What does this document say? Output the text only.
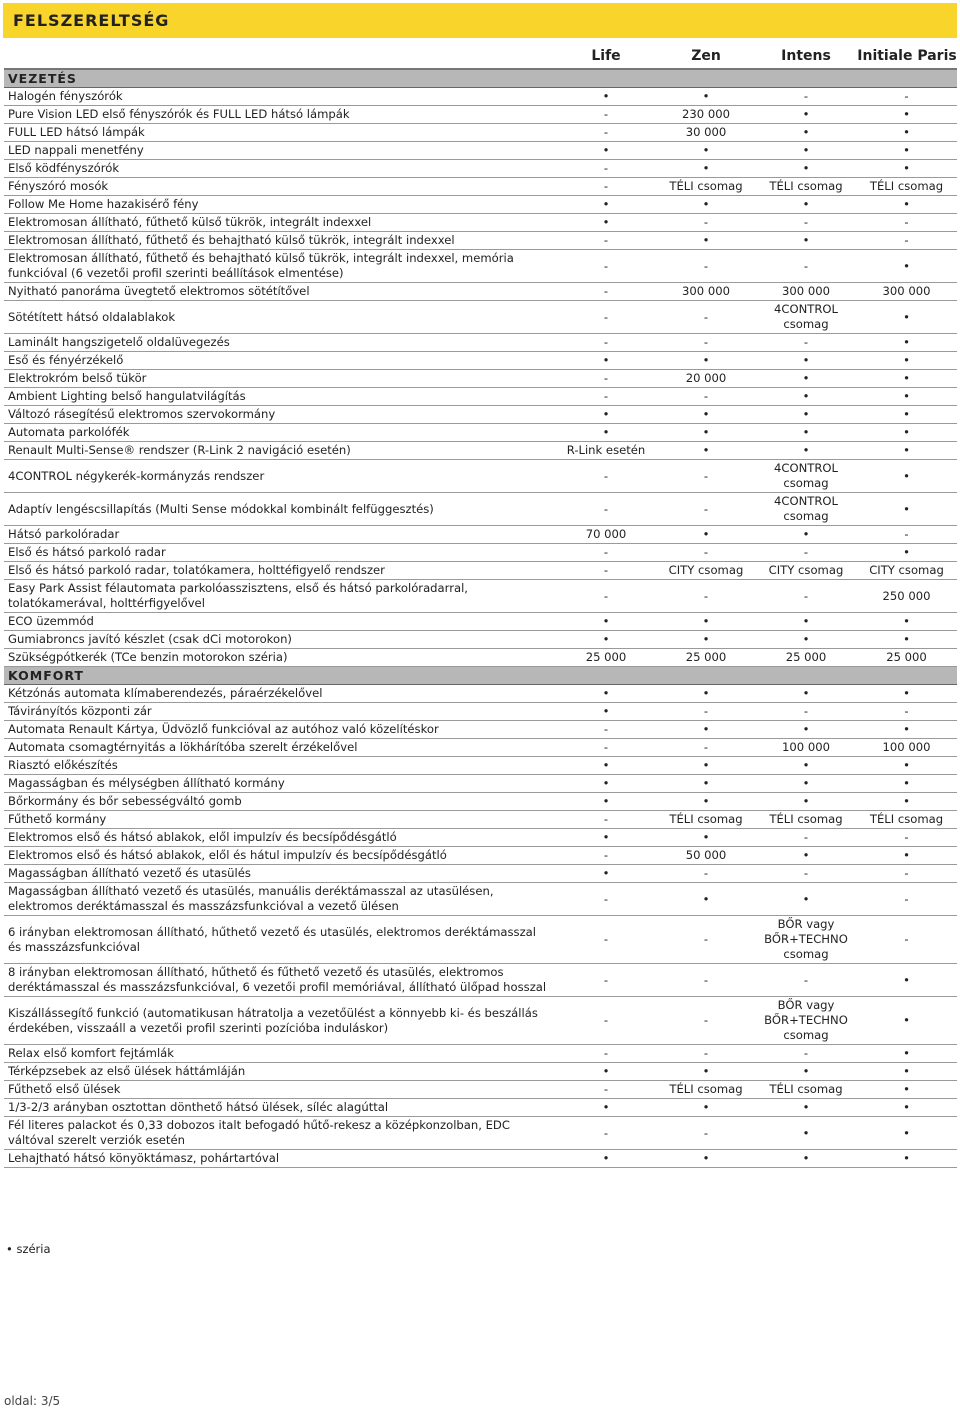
FELSZERELTSÉG
Life	Zen	Intens	Initiale Paris
VEZETÉS				
Halogén fényszórók	•	•	-	-
Pure Vision LED első fényszórók és FULL LED hátsó lámpák	-	230 000	•	•
FULL LED hátsó lámpák	-	30 000	•	•
LED nappali menetfény	•	•	•	•
Első ködfényszórók	-	•	•	•
Fényszóró mosók	-	TÉLI csomag	TÉLI csomag	TÉLI csomag
Follow Me Home hazakisérő fény	•	•	•	•
Elektromosan állítható, fűthető külső tükrök, integrált indexxel	•	-	-	-
Elektromosan állítható, fűthető és behajtható külső tükrök, integrált indexxel	-	•	•	-
Elektromosan állítható, fűthető és behajtható külső tükrök, integrált indexxel, memória funkcióval (6 vezetői profil szerinti beállítások elmentése)	-	-	-	•
Nyitható panoráma üvegtető elektromos sötétítővel	-	300 000	300 000	300 000
Sötétített hátsó oldalablakok	-	-	4CONTROL csomag	•
Laminált hangszigetelő oldalüvegezés	-	-	-	•
Eső és fényérzékelő	•	•	•	•
Elektrokróm belső tükör	-	20 000	•	•
Ambient Lighting belső hangulatvilágítás	-	-	•	•
Változó rásegítésű elektromos szervokormány	•	•	•	•
Automata parkolófék	•	•	•	•
Renault Multi-Sense® rendszer (R-Link 2 navigáció esetén)	R-Link esetén	•	•	•
4CONTROL négykerék-kormányzás rendszer	-	-	4CONTROL csomag	•
Adaptív lengéscsillapítás (Multi Sense módokkal kombinált felfüggesztés)	-	-	4CONTROL csomag	•
Hátsó parkolóradar	70 000	•	•	-
Első és hátsó parkoló radar	-	-	-	•
Első és hátsó parkoló radar, tolatókamera, holttéfigyelő rendszer	-	CITY csomag	CITY csomag	CITY csomag
Easy Park Assist félautomata parkolóasszisztens, első és hátsó parkolóradarral, tolatókamerával, holttérfigyelővel	-	-	-	250 000
ECO üzemmód	•	•	•	•
Gumiabroncs javító készlet (csak dCi motorokon)	•	•	•	•
Szükségpótkerék (TCe benzin motorokon széria)	25 000	25 000	25 000	25 000
KOMFORT				
Kétzónás automata klímaberendezés, páraérzékelővel	•	•	•	•
Távirányítós központi zár	•	-	-	-
Automata Renault Kártya, Üdvözlő funkcióval az autóhoz való közelítéskor	-	•	•	•
Automata csomagtérnyitás a lökhárítóba szerelt érzékelővel	-	-	100 000	100 000
Riasztó előkészítés	•	•	•	•
Magasságban és mélységben állítható kormány	•	•	•	•
Bőrkormány és bőr sebességváltó gomb	•	•	•	•
Fűthető kormány	-	TÉLI csomag	TÉLI csomag	TÉLI csomag
Elektromos első és hátsó ablakok, elől impulzív és becsípődésgátló	•	•	-	-
Elektromos első és hátsó ablakok, elől és hátul impulzív és becsípődésgátló	-	50 000	•	•
Magasságban állítható vezető és utasülés	•	-	-	-
Magasságban állítható vezető és utasülés, manuális deréktámasszal az utasülésen, elektromos deréktámasszal és masszázsfunkcióval a vezető ülésen	-	•	•	-
6 irányban elektromosan állítható, hűthető vezető és utasülés, elektromos deréktámasszal és masszázsfunkcióval	-	-	BŐR vagy BŐR+TECHNO csomag	-
8 irányban elektromosan állítható, hűthető és fűthető vezető és utasülés, elektromos deréktámasszal és masszázsfunkcióval, 6 vezetői profil memóriával, állítható ülőpad hosszal	-	-	-	•
Kiszállássegítő funkció (automatikusan hátratolja a vezetőülést a könnyebb ki- és beszállás érdekében, visszaáll a vezetői profil szerinti pozícióba induláskor)	-	-	BŐR vagy BŐR+TECHNO csomag	•
Relax első komfort fejtámlák	-	-	-	•
Térképzsebek az első ülések háttámláján	•	•	•	•
Fűthető első ülések	-	TÉLI csomag	TÉLI csomag	•
1/3-2/3 arányban osztottan dönthető hátsó ülések, síléc alagúttal	•	•	•	•
Fél literes palackot és 0,33 dobozos italt befogadó hűtő-rekesz a középkonzolban, EDC váltóval szerelt verziók esetén	-	-	•	•
Lehajtható hátsó könyöktámasz, pohártartóval	•	•	•	•
• széria
oldal: 3/5
